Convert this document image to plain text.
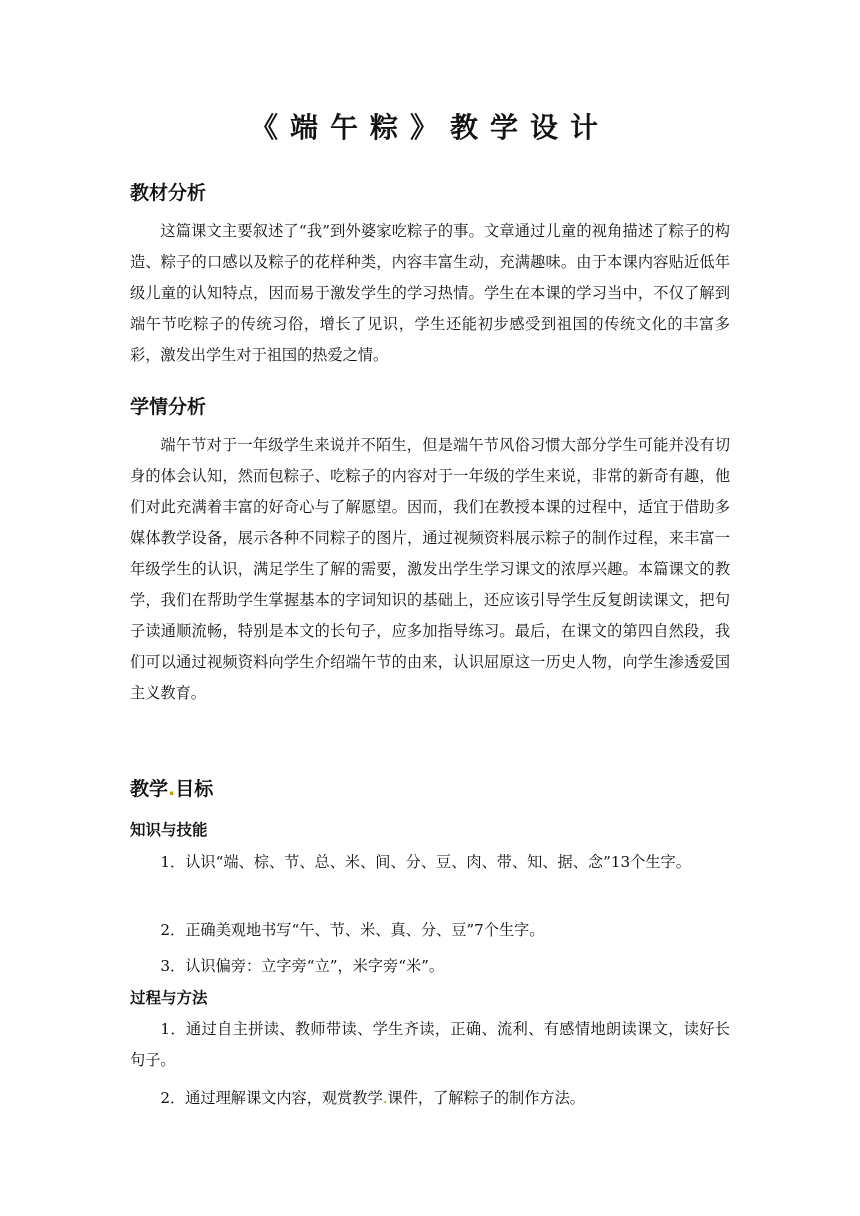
《端午粽》教学设计
教材分析

这篇课文主要叙述了“我”到外婆家吃粽子的事。文章通过儿童的视角描述了粽子的构造、粽子的口感以及粽子的花样种类，内容丰富生动，充满趣味。由于本课内容贴近低年级儿童的认知特点，因而易于激发学生的学习热情。学生在本课的学习当中，不仅了解到端午节吃粽子的传统习俗，增长了见识，学生还能初步感受到祖国的传统文化的丰富多彩，激发出学生对于祖国的热爱之情。

学情分析

端午节对于一年级学生来说并不陌生，但是端午节风俗习惯大部分学生可能并没有切身的体会认知，然而包粽子、吃粽子的内容对于一年级的学生来说，非常的新奇有趣，他们对此充满着丰富的好奇心与了解愿望。因而，我们在教授本课的过程中，适宜于借助多媒体教学设备，展示各种不同粽子的图片，通过视频资料展示粽子的制作过程，来丰富一年级学生的认识，满足学生了解的需要，激发出学生学习课文的浓厚兴趣。本篇课文的教学，我们在帮助学生掌握基本的字词知识的基础上，还应该引导学生反复朗读课文，把句子读通顺流畅，特别是本文的长句子，应多加指导练习。最后，在课文的第四自然段，我们可以通过视频资料向学生介绍端午节的由来，认识屈原这一历史人物，向学生渗透爱国主义教育。

教学.目标
知识与技能

1．认识“端、棕、节、总、米、间、分、豆、肉、带、知、据、念”13个生字。

2．正确美观地书写“午、节、米、真、分、豆”7个生字。

3．认识偏旁：立字旁“立”，米字旁“米”。

过程与方法

1．通过自主拼读、教师带读、学生齐读，正确、流利、有感情地朗读课文，读好长句子。

2．通过理解课文内容，观赏教学.课件，了解粽子的制作方法。
